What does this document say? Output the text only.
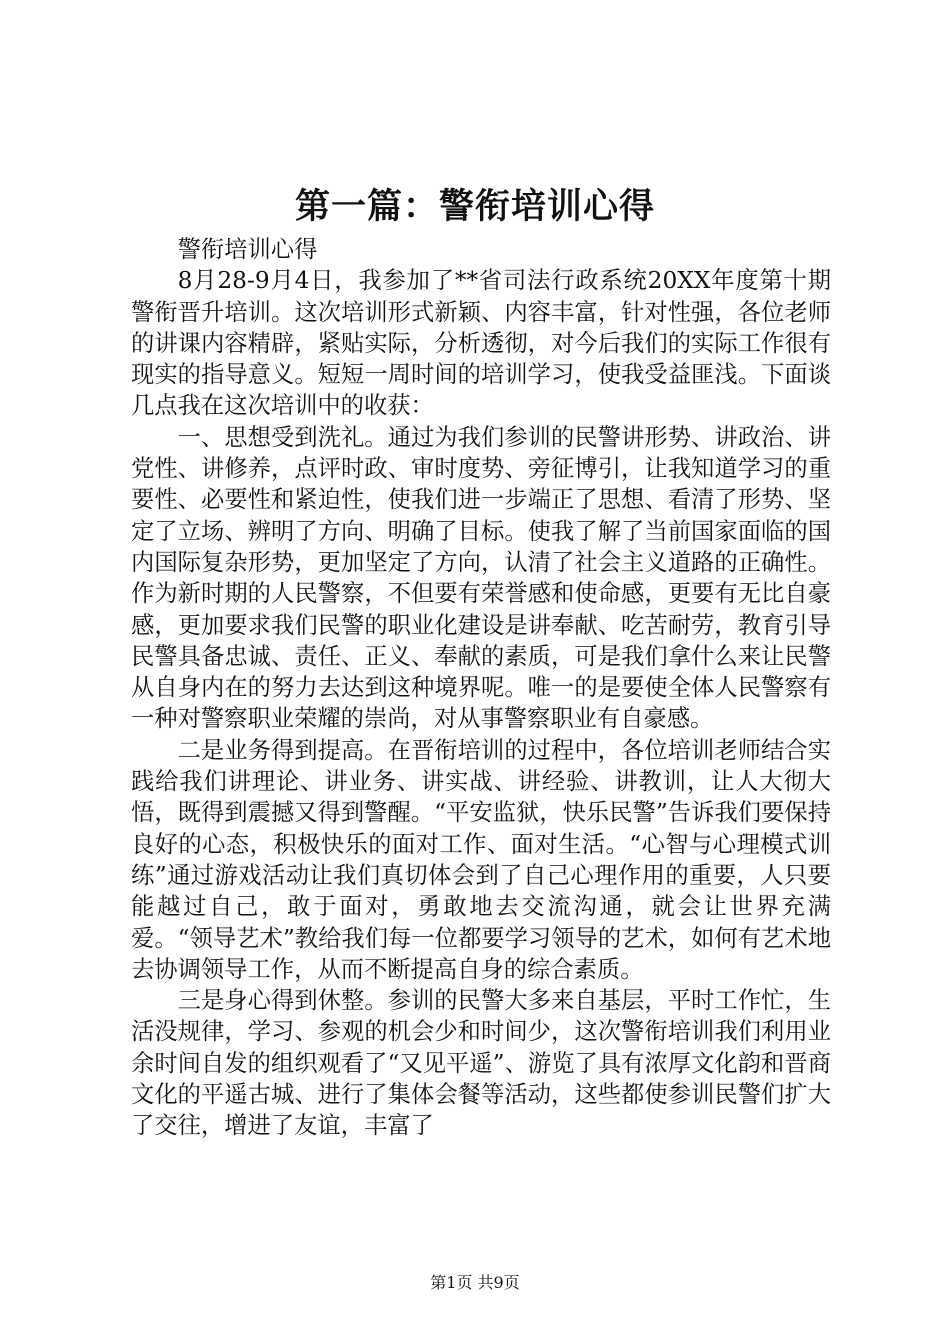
第一篇：警衔培训心得

警衔培训心得

8月28-9月4日，我参加了**省司法行政系统20XX年度第十期警衔晋升培训。这次培训形式新颖、内容丰富，针对性强，各位老师的讲课内容精辟，紧贴实际，分析透彻，对今后我们的实际工作很有现实的指导意义。短短一周时间的培训学习，使我受益匪浅。下面谈几点我在这次培训中的收获：

一、思想受到洗礼。通过为我们参训的民警讲形势、讲政治、讲党性、讲修养，点评时政、审时度势、旁征博引，让我知道学习的重要性、必要性和紧迫性，使我们进一步端正了思想、看清了形势、坚定了立场、辨明了方向、明确了目标。使我了解了当前国家面临的国内国际复杂形势，更加坚定了方向，认清了社会主义道路的正确性。作为新时期的人民警察，不但要有荣誉感和使命感，更要有无比自豪感，更加要求我们民警的职业化建设是讲奉献、吃苦耐劳，教育引导民警具备忠诚、责任、正义、奉献的素质，可是我们拿什么来让民警从自身内在的努力去达到这种境界呢。唯一的是要使全体人民警察有一种对警察职业荣耀的崇尚，对从事警察职业有自豪感。

二是业务得到提高。在晋衔培训的过程中，各位培训老师结合实践给我们讲理论、讲业务、讲实战、讲经验、讲教训，让人大彻大悟，既得到震撼又得到警醒。“平安监狱，快乐民警”告诉我们要保持良好的心态，积极快乐的面对工作、面对生活。“心智与心理模式训练”通过游戏活动让我们真切体会到了自己心理作用的重要，人只要能越过自己，敢于面对，勇敢地去交流沟通，就会让世界充满爱。“领导艺术”教给我们每一位都要学习领导的艺术，如何有艺术地去协调领导工作，从而不断提高自身的综合素质。

三是身心得到休整。参训的民警大多来自基层，平时工作忙，生活没规律，学习、参观的机会少和时间少，这次警衔培训我们利用业余时间自发的组织观看了“又见平遥”、游览了具有浓厚文化韵和晋商文化的平遥古城、进行了集体会餐等活动，这些都使参训民警们扩大了交往，增进了友谊，丰富了

第1页 共9页
